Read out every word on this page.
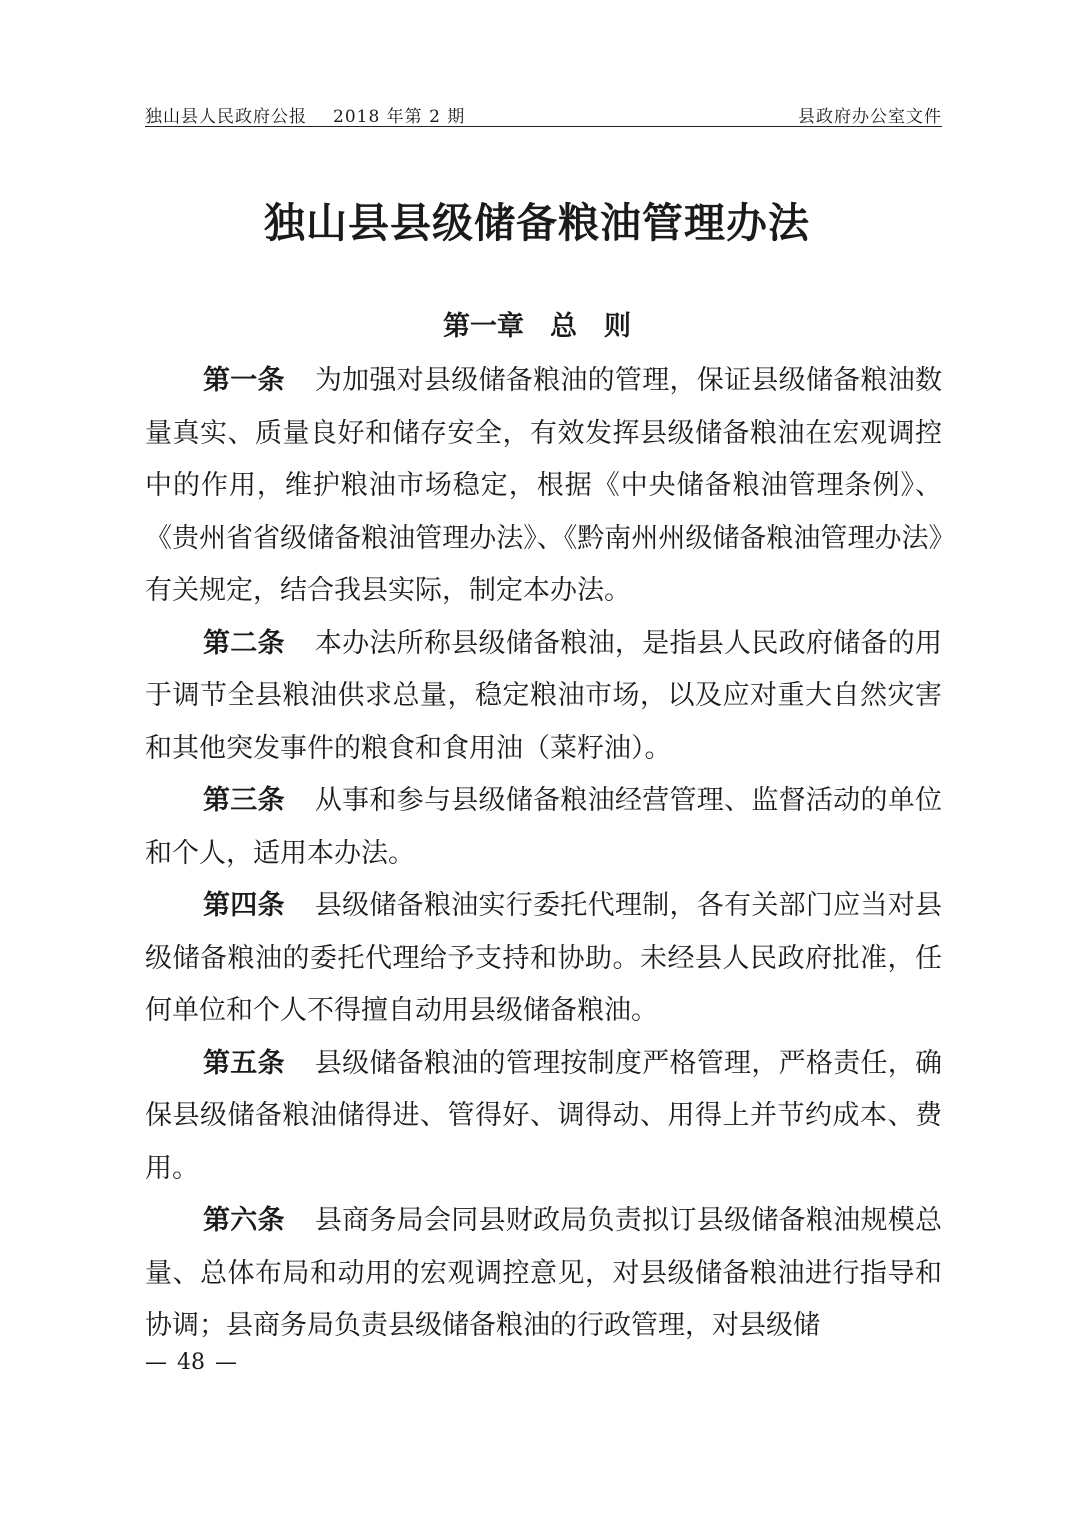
独山县人民政府公报 2018 年第 2 期	县政府办公室文件
独山县县级储备粮油管理办法
第一章 总　则

第一条 为加强对县级储备粮油的管理，保证县级储备粮油数量真实、质量良好和储存安全，有效发挥县级储备粮油在宏观调控中的作用，维护粮油市场稳定，根据《中央储备粮油管理条例》、《贵州省省级储备粮油管理办法》、《黔南州州级储备粮油管理办法》有关规定，结合我县实际，制定本办法。

第二条 本办法所称县级储备粮油，是指县人民政府储备的用于调节全县粮油供求总量，稳定粮油市场，以及应对重大自然灾害和其他突发事件的粮食和食用油（菜籽油）。

第三条 从事和参与县级储备粮油经营管理、监督活动的单位和个人，适用本办法。

第四条 县级储备粮油实行委托代理制，各有关部门应当对县级储备粮油的委托代理给予支持和协助。未经县人民政府批准，任何单位和个人不得擅自动用县级储备粮油。

第五条 县级储备粮油的管理按制度严格管理，严格责任，确保县级储备粮油储得进、管得好、调得动、用得上并节约成本、费用。

第六条 县商务局会同县财政局负责拟订县级储备粮油规模总量、总体布局和动用的宏观调控意见，对县级储备粮油进行指导和协调；县商务局负责县级储备粮油的行政管理，对县级储

— 48 —
